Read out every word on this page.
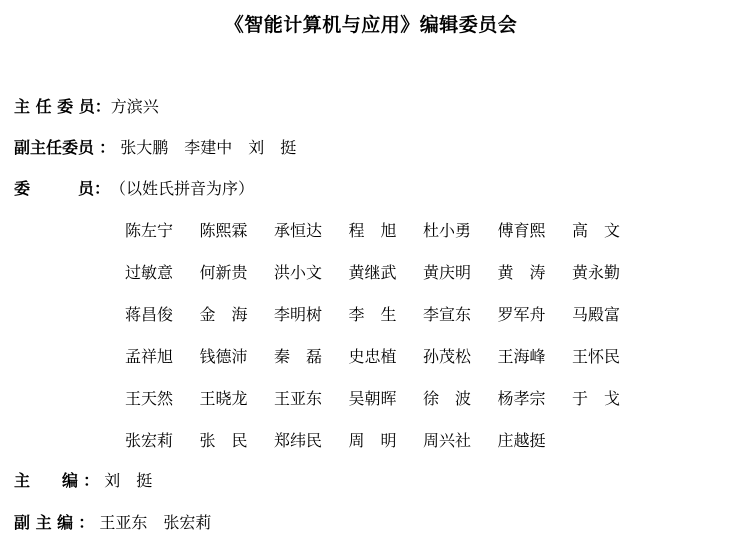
《智能计算机与应用》编辑委员会
主 任 委 员：方滨兴
副主任委员 ： 张大鹏　李建中　刘　挺
委　　　员：（以姓氏拼音为序）
陈左宁	陈熙霖	承恒达	程　旭	杜小勇	傅育熙	高　文
过敏意	何新贵	洪小文	黄继武	黄庆明	黄　涛	黄永勤
蒋昌俊	金　海	李明树	李　生	李宣东	罗军舟	马殿富
孟祥旭	钱德沛	秦　磊	史忠植	孙茂松	王海峰	王怀民
王天然	王晓龙	王亚东	吴朝晖	徐　波	杨孝宗	于　戈
张宏莉	张　民	郑纬民	周　明	周兴社	庄越挺
主　　编 ： 刘　挺
副 主 编 ： 王亚东　张宏莉
